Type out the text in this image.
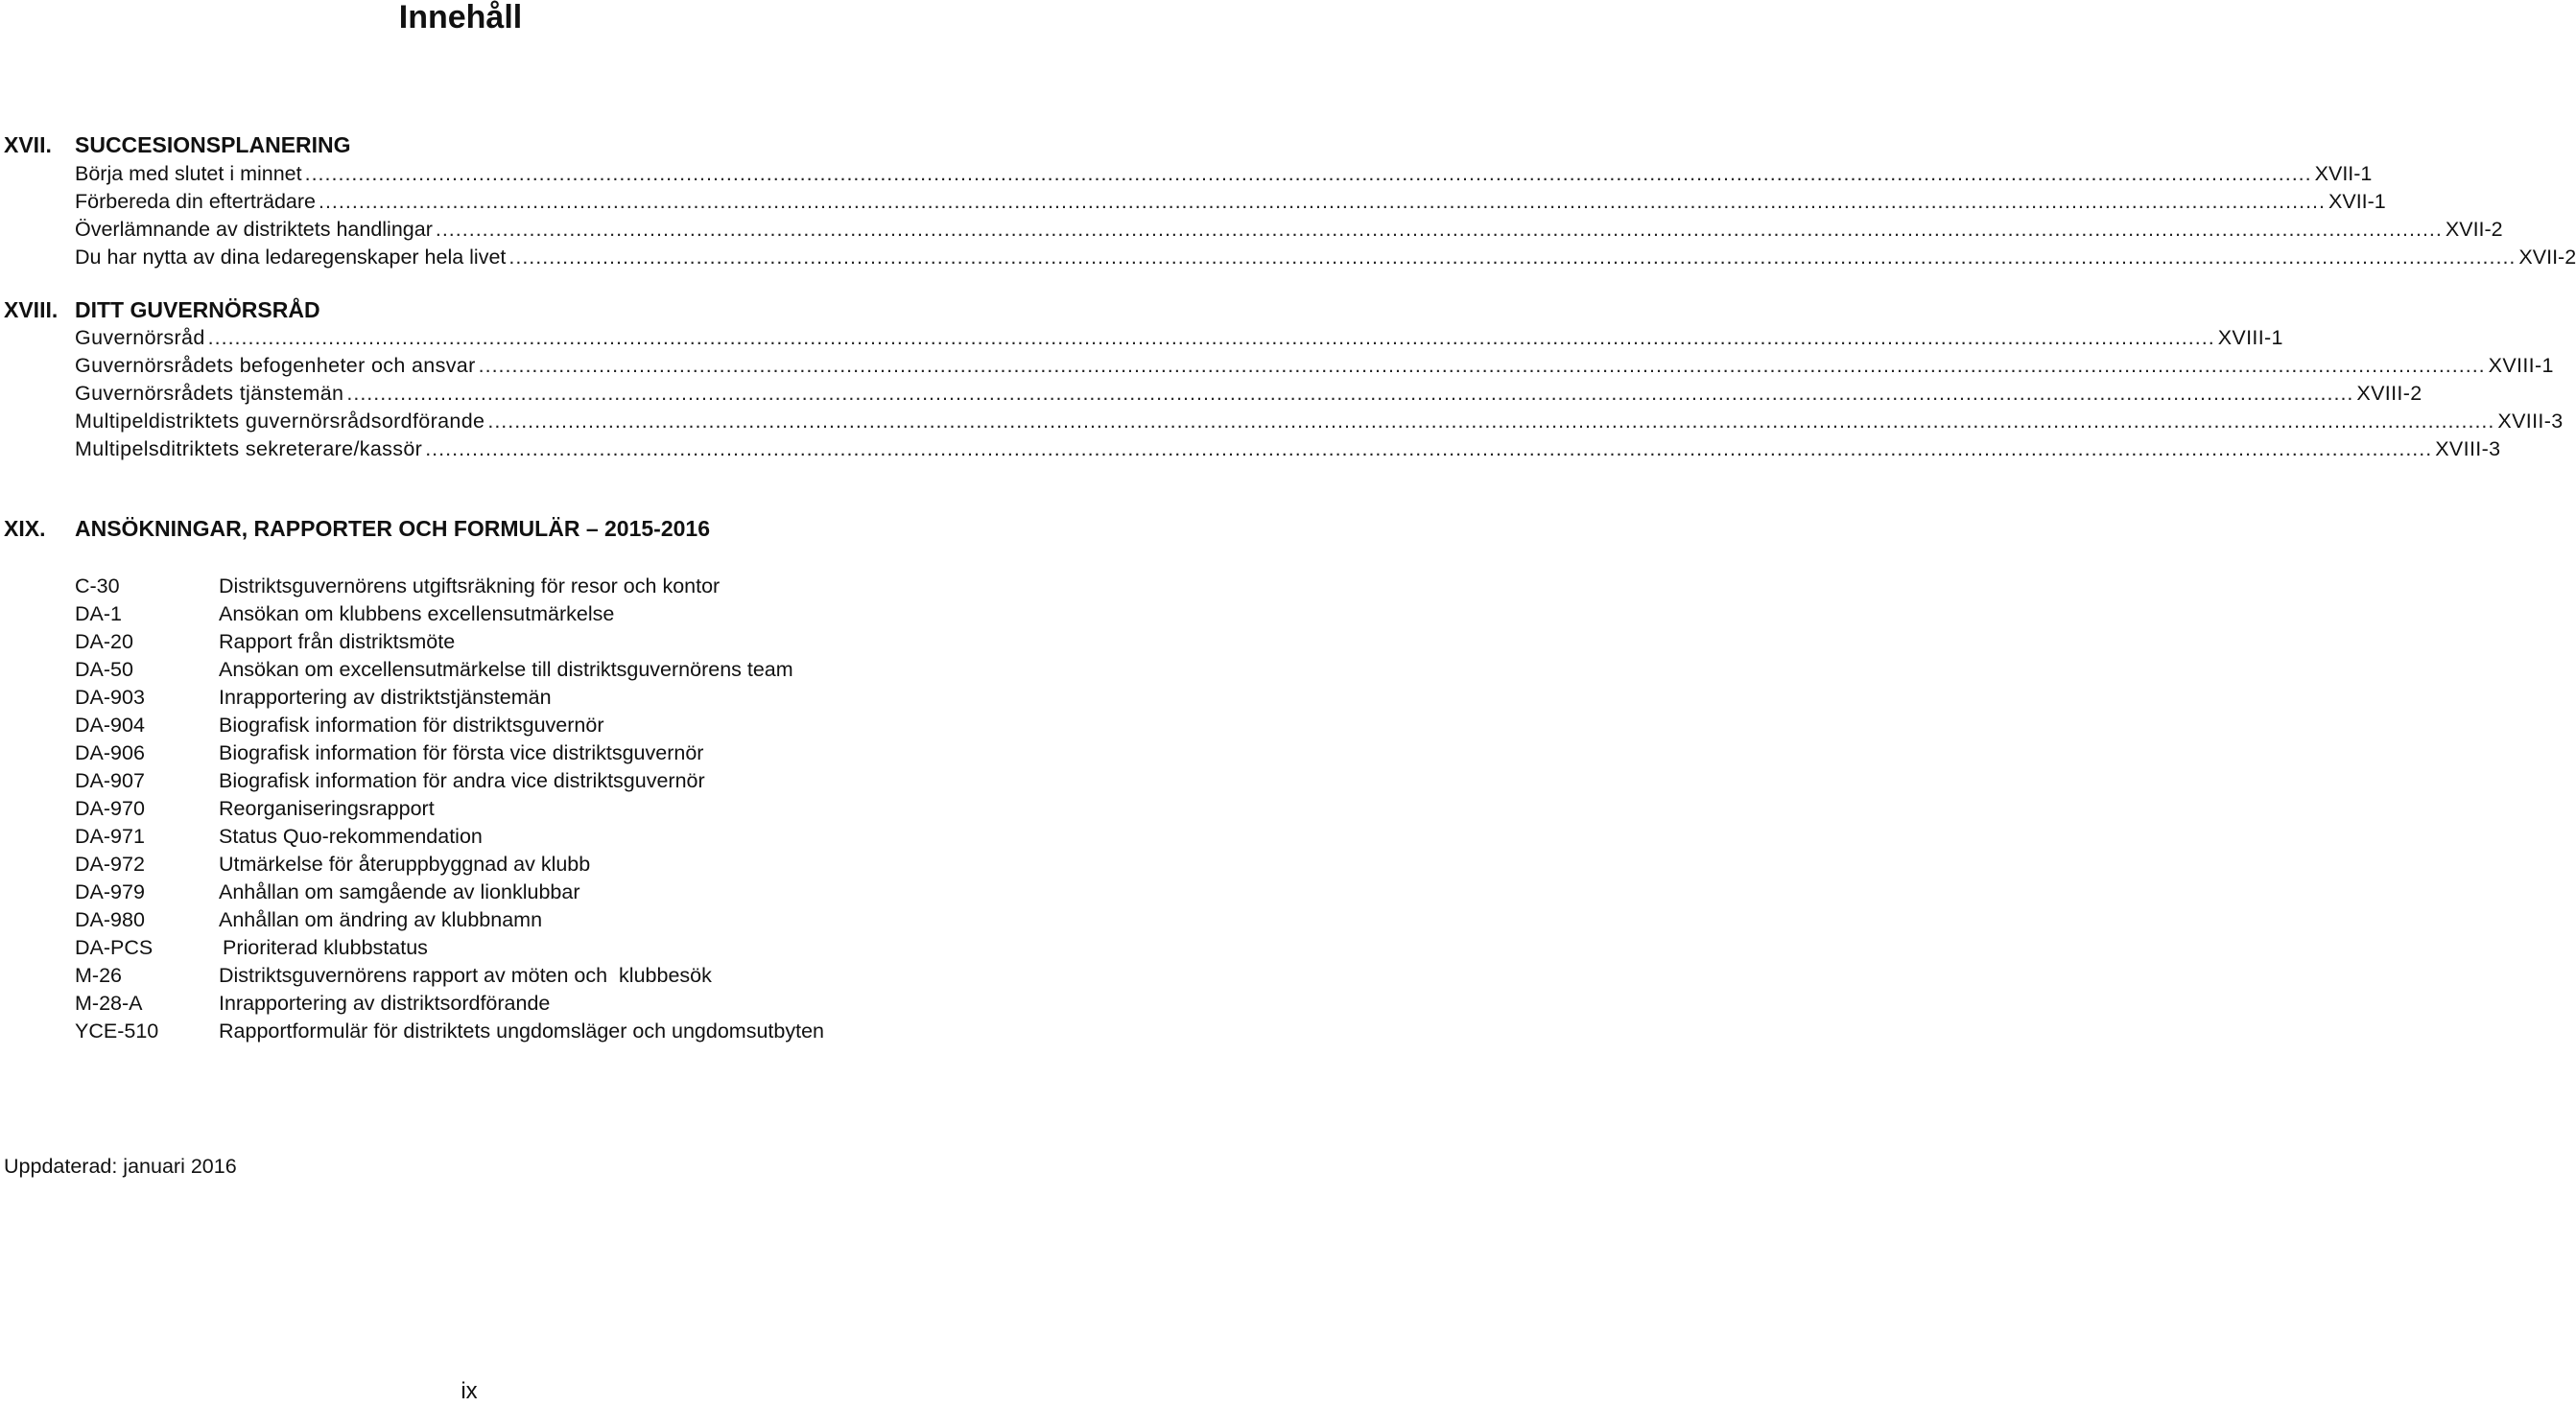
Innehåll
XVII. SUCCESIONSPLANERING
Börja med slutet i minnet ............................................................................................................................................................................................................................................................................................................ XVII-1
Förbereda din efterträdare ............................................................................................................................................................................................................................................................................................................ XVII-1
Överlämnande av distriktets handlingar ............................................................................................................................................................................................................................................................................................................ XVII-2
Du har nytta av dina ledaregenskaper hela livet ............................................................................................................................................................................................................................................................................................................ XVII-2
XVIII. DITT GUVERNÖRSRÅD
Guvernörsråd ............................................................................................................................................................................................................................................................................................................ XVIII-1
Guvernörsrådets befogenheter och ansvar ............................................................................................................................................................................................................................................................................................................ XVIII-1
Guvernörsrådets tjänstemän ............................................................................................................................................................................................................................................................................................................ XVIII-2
Multipeldistriktets guvernörsrådsordförande ............................................................................................................................................................................................................................................................................................................ XVIII-3
Multipelsditriktets sekreterare/kassör ............................................................................................................................................................................................................................................................................................................ XVIII-3
XIX. ANSÖKNINGAR, RAPPORTER OCH FORMULÄR – 2015-2016
C-30	Distriktsguvernörens utgiftsräkning för resor och kontor
DA-1	Ansökan om klubbens excellensutmärkelse
DA-20	Rapport från distriktsmöte
DA-50	Ansökan om excellensutmärkelse till distriktsguvernörens team
DA-903	Inrapportering av distriktstjänstemän
DA-904	Biografisk information för distriktsguvernör
DA-906	Biografisk information för första vice distriktsguvernör
DA-907	Biografisk information för andra vice distriktsguvernör
DA-970	Reorganiseringsrapport
DA-971	Status Quo-rekommendation
DA-972	Utmärkelse för återuppbyggnad av klubb
DA-979	Anhållan om samgående av lionklubbar
DA-980	Anhållan om ändring av klubbnamn
DA-PCS	Prioriterad klubbstatus
M-26	Distriktsguvernörens rapport av möten och  klubbesök
M-28-A	Inrapportering av distriktsordförande
YCE-510	Rapportformulär för distriktets ungdomsläger och ungdomsutbyten
Uppdaterad: januari 2016
ix
